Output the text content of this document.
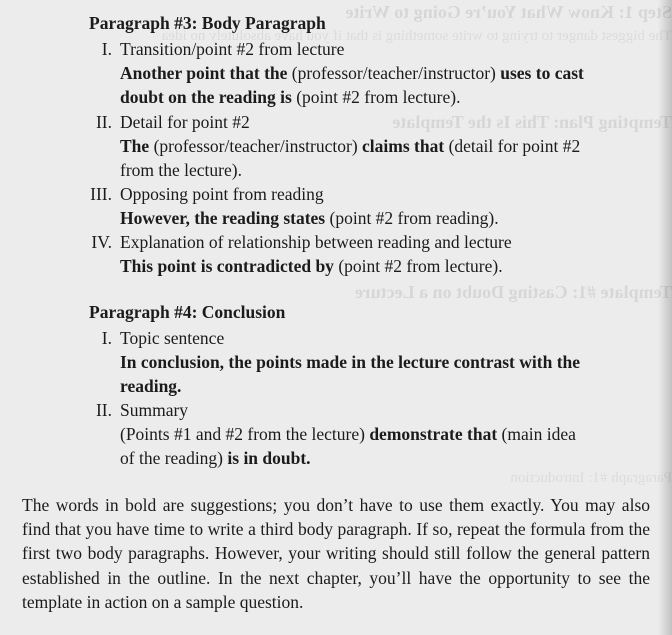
Step 1: Know What You’re Going to Write
The biggest danger to trying to write something is that if you have absolutely no idea
Tempting Plan: This Is the Template
Template #1: Casting Doubt on a Lecture
Paragraph #1: Introduction
Paragraph #3: Body Paragraph
I. Transition/point #2 from lecture
Another point that the (professor/teacher/instructor) uses to cast
doubt on the reading is (point #2 from lecture).
II. Detail for point #2
The (professor/teacher/instructor) claims that (detail for point #2
from the lecture).
III. Opposing point from reading
However, the reading states (point #2 from reading).
IV. Explanation of relationship between reading and lecture
This point is contradicted by (point #2 from lecture).
Paragraph #4: Conclusion
I. Topic sentence
In conclusion, the points made in the lecture contrast with the
reading.
II. Summary
(Points #1 and #2 from the lecture) demonstrate that (main idea
of the reading) is in doubt.
The words in bold are suggestions; you don’t have to use them exactly. You may also find that you have time to write a third body paragraph. If so, repeat the formula from the first two body paragraphs. However, your writing should still follow the general pattern established in the outline. In the next chapter, you’ll have the opportunity to see the template in action on a sample question.
